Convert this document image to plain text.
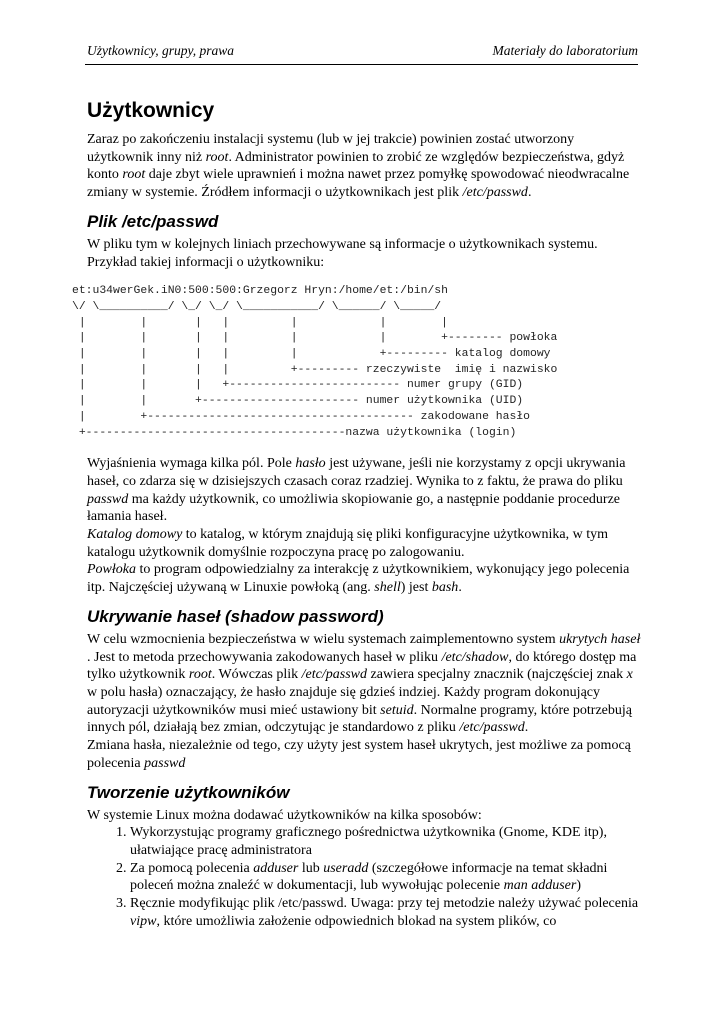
Użytkownicy, grupy, prawa	Materiały do laboratorium
Użytkownicy

Zaraz po zakończeniu instalacji systemu (lub w jej trakcie) powinien zostać utworzony użytkownik inny niż root. Administrator powinien to zrobić ze względów bezpieczeństwa, gdyż konto root daje zbyt wiele uprawnień i można nawet przez pomyłkę spowodować nieodwracalne zmiany w systemie. Źródłem informacji o użytkownikach jest plik /etc/passwd.

Plik /etc/passwd

W pliku tym w kolejnych liniach przechowywane są informacje o użytkownikach systemu. Przykład takiej informacji o użytkowniku:

et:u34werGek.iN0:500:500:Grzegorz Hryn:/home/et:/bin/sh
\/ \__________/ \_/ \_/ \___________/ \______/ \_____/
|        |       |   |         |            |        |
|        |       |   |         |            |        +-------- powłoka
|        |       |   |         |            +--------- katalog domowy
|        |       |   |         +--------- rzeczywiste  imię i nazwisko
|        |       |   +------------------------- numer grupy (GID)
|        |       +----------------------- numer użytkownika (UID)
|        +--------------------------------------- zakodowane hasło
+--------------------------------------nazwa użytkownika (login)

Wyjaśnienia wymaga kilka pól. Pole hasło jest używane, jeśli nie korzystamy z opcji ukrywania haseł, co zdarza się w dzisiejszych czasach coraz rzadziej. Wynika to z faktu, że prawa do pliku passwd ma każdy użytkownik, co umożliwia skopiowanie go, a następnie poddanie procedurze łamania haseł.
Katalog domowy to katalog, w którym znajdują się pliki konfiguracyjne użytkownika, w tym katalogu użytkownik domyślnie rozpoczyna pracę po zalogowaniu.
Powłoka to program odpowiedzialny za interakcję z użytkownikiem, wykonujący jego polecenia itp. Najczęściej używaną w Linuxie powłoką (ang. shell) jest bash.

Ukrywanie haseł (shadow password)

W celu wzmocnienia bezpieczeństwa w wielu systemach zaimplementowno system ukrytych haseł . Jest to metoda przechowywania zakodowanych haseł w pliku /etc/shadow, do którego dostęp ma tylko użytkownik root. Wówczas plik /etc/passwd zawiera specjalny znacznik (najczęściej znak x w polu hasła) oznaczający, że hasło znajduje się gdzieś indziej. Każdy program dokonujący autoryzacji użytkowników musi mieć ustawiony bit setuid. Normalne programy, które potrzebują innych pól, działają bez zmian, odczytując je standardowo z pliku /etc/passwd.
Zmiana hasła, niezależnie od tego, czy użyty jest system haseł ukrytych, jest możliwe za pomocą polecenia passwd

Tworzenie użytkowników

W systemie Linux można dodawać użytkowników na kilka sposobów:

1. Wykorzystując programy graficznego pośrednictwa użytkownika (Gnome, KDE itp), ułatwiające pracę administratora
2. Za pomocą polecenia adduser lub useradd (szczegółowe informacje na temat składni poleceń można znaleźć w dokumentacji, lub wywołując polecenie man adduser)
3. Ręcznie modyfikując plik /etc/passwd. Uwaga: przy tej metodzie należy używać polecenia vipw, które umożliwia założenie odpowiednich blokad na system plików, co
